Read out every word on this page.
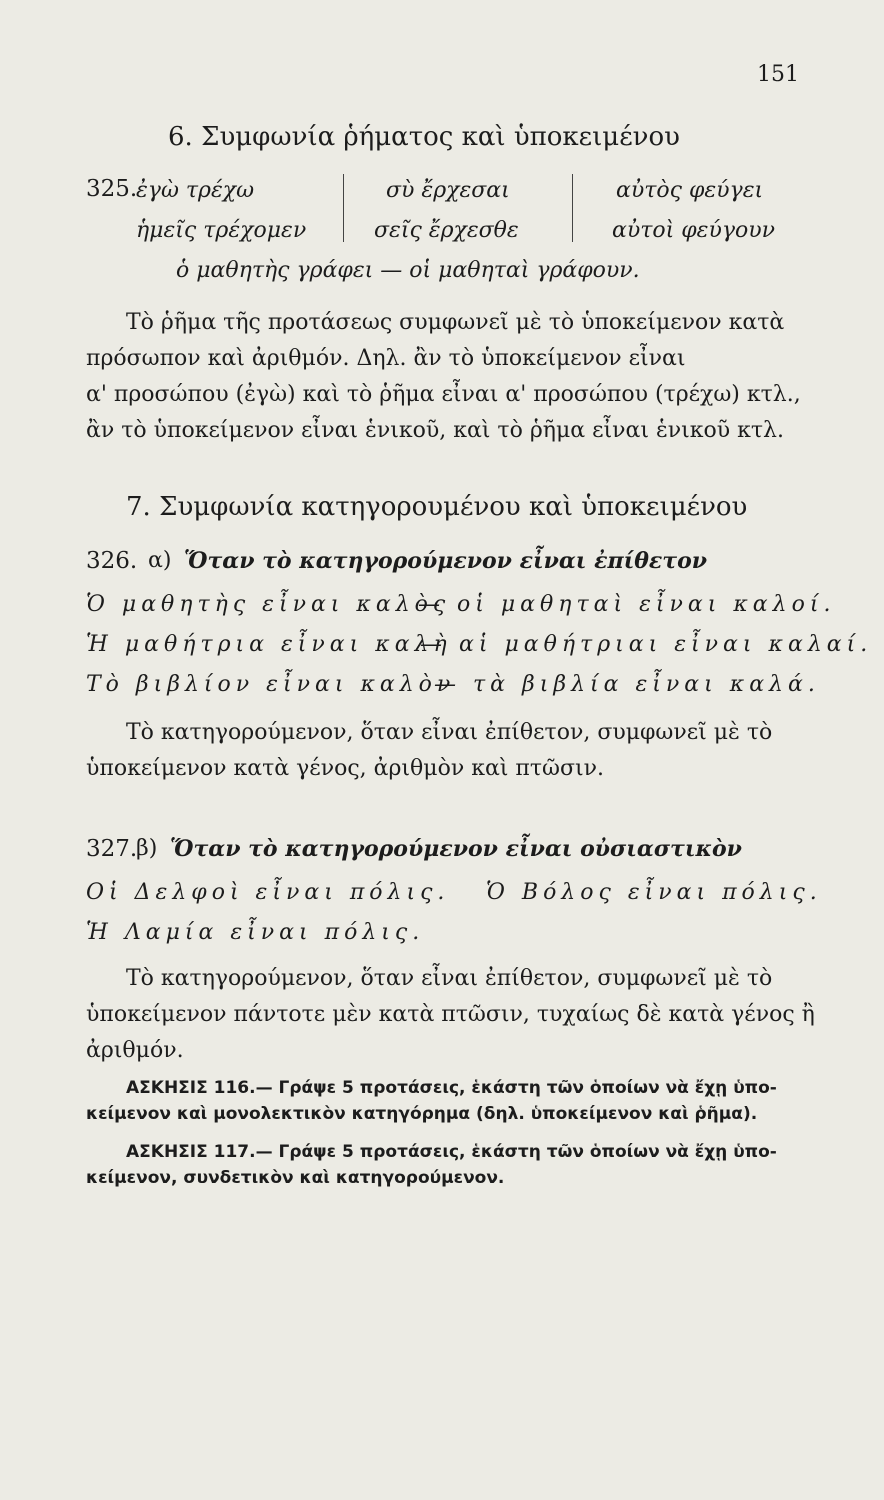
151
6. Συμφωνία ῥήματος καὶ ὑποκειμένου
325.
ἐγὼ τρέχω	σὺ ἔρχεσαι	αὐτὸς φεύγει
ἡμεῖς τρέχομεν	σεῖς ἔρχεσθε	αὐτοὶ φεύγουν
ὁ μαθητὴς γράφει — οἱ μαθηταὶ γράφουν.
Τὸ ῥῆμα τῆς προτάσεως συμφωνεῖ μὲ τὸ ὑποκείμενον κατὰ
πρόσωπον καὶ ἀριθμόν. Δηλ. ἂν τὸ ὑποκείμενον εἶναι
α' προσώπου (ἐγὼ) καὶ τὸ ῥῆμα εἶναι α' προσώπου (τρέχω) κτλ.,
ἂν τὸ ὑποκείμενον εἶναι ἑνικοῦ, καὶ τὸ ῥῆμα εἶναι ἑνικοῦ κτλ.
7. Συμφωνία κατηγορουμένου καὶ ὑποκειμένου
326. α) Ὅταν τὸ κατηγορούμενον εἶναι ἐπίθετον
Ὁ μαθητὴς εἶναι καλὸς
— οἱ μαθηταὶ εἶναι καλοί.
Ἡ μαθήτρια εἶναι καλὴ
— αἱ μαθήτριαι εἶναι καλαί.
Τὸ βιβλίον εἶναι καλὸν
— τὰ βιβλία εἶναι καλά.
Τὸ κατηγορούμενον, ὅταν εἶναι ἐπίθετον, συμφωνεῖ μὲ τὸ
ὑποκείμενον κατὰ γένος, ἀριθμὸν καὶ πτῶσιν.
327.
β) Ὅταν τὸ κατηγορούμενον εἶναι οὐσιαστικὸν
Οἱ Δελφοὶ εἶναι πόλις. Ὁ Βόλος εἶναι πόλις.
Ἡ Λαμία εἶναι πόλις.
Τὸ κατηγορούμενον, ὅταν εἶναι ἐπίθετον, συμφωνεῖ μὲ τὸ
ὑποκείμενον πάντοτε μὲν κατὰ πτῶσιν, τυχαίως δὲ κατὰ γένος ἢ
ἀριθμόν.
ΑΣΚΗΣΙΣ 116.— Γράψε 5 προτάσεις, ἑκάστη τῶν ὁποίων νὰ ἔχῃ ὑπο-
κείμενον καὶ μονολεκτικὸν κατηγόρημα (δηλ. ὑποκείμενον καὶ ῥῆμα).
ΑΣΚΗΣΙΣ 117.— Γράψε 5 προτάσεις, ἑκάστη τῶν ὁποίων νὰ ἔχῃ ὑπο-
κείμενον, συνδετικὸν καὶ κατηγορούμενον.
